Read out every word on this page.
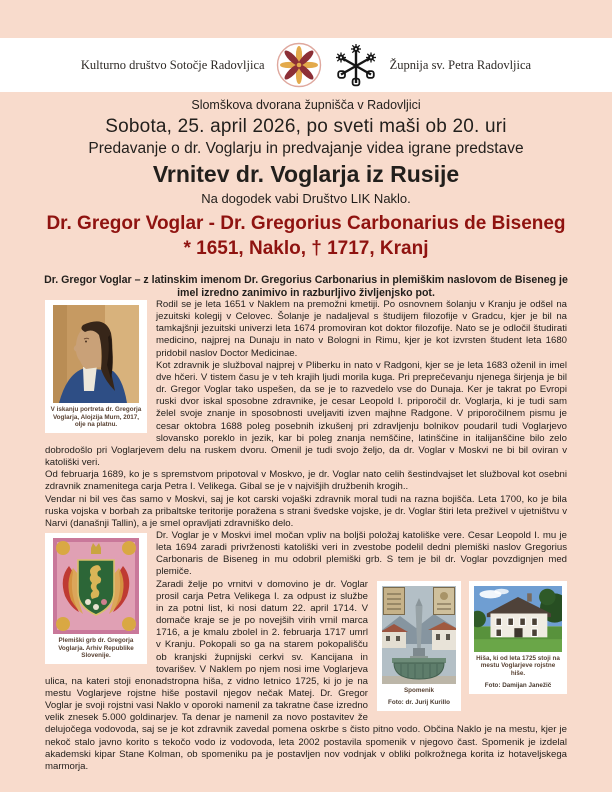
Kulturno društvo Sotočje Radovljica	Župnija sv. Petra Radovljica
Slomškova dvorana župnišča v Radovljici
Sobota, 25. april 2026, po sveti maši ob 20. uri
Predavanje o dr. Voglarju in predvajanje videa igrane predstave
Vrnitev dr. Voglarja iz Rusije
Na dogodek vabi Društvo LIK Naklo.
Dr. Gregor Voglar - Dr. Gregorius Carbonarius de Biseneg
* 1651, Naklo, † 1717, Kranj
Dr. Gregor Voglar – z latinskim imenom Dr. Gregorius Carbonarius in plemiškim naslovom de Biseneg je imel izredno zanimivo in razburljivo življenjsko pot.
V iskanju portreta dr. Gregorja Voglarja, Alojzija Murn, 2017, olje na platnu.

Rodil se je leta 1651 v Naklem na premožni kmetiji. Po osnovnem šolanju v Kranju je odšel na jezuitski kolegij v Celovec. Šolanje je nadaljeval s študijem filozofije v Gradcu, kjer je bil na tamkajšnji jezuitski univerzi leta 1674 promoviran kot doktor filozofije. Nato se je odločil študirati medicino, najprej na Dunaju in nato v Bologni in Rimu, kjer je kot izvrsten študent leta 1680 pridobil naslov Doctor Medicinae.

Kot zdravnik je služboval najprej v Pliberku in nato v Radgoni, kjer se je leta 1683 oženil in imel dve hčeri. V tistem času je v teh krajih ljudi morila kuga. Pri preprečevanju njenega širjenja je bil dr. Gregor Voglar tako uspešen, da se je to razvedelo vse do Dunaja. Ker je takrat po Evropi ruski dvor iskal sposobne zdravnike, je cesar Leopold I. priporočil dr. Voglarja, ki je tudi sam želel svoje znanje in sposobnosti uveljaviti izven majhne Radgone. V priporočilnem pismu je cesar oktobra 1688 poleg posebnih izkušenj pri zdravljenju bolnikov poudaril tudi Voglarjevo slovansko poreklo in jezik, kar bi poleg znanja nemščine, latinščine in italijanščine bilo zelo dobrodošlo pri Voglarjevem delu na ruskem dvoru. Omenil je tudi svojo željo, da dr. Voglar v Moskvi ne bi bil oviran v katoliški veri.

Od februarja 1689, ko je s spremstvom pripotoval v Moskvo, je dr. Voglar nato celih šestindvajset let služboval kot osebni zdravnik znamenitega carja Petra I. Velikega. Gibal se je v najvišjih družbenih krogih..

Vendar ni bil ves čas samo v Moskvi, saj je kot carski vojaški zdravnik moral tudi na razna bojišča. Leta 1700, ko je bila ruska vojska v borbah za pribaltske teritorije poražena s strani švedske vojske, je dr. Voglar štiri leta preživel v ujetništvu v Narvi (današnji Tallin), a je smel opravljati zdravniško delo.

Plemiški grb dr. Gregorja Voglarja. Arhiv Republike Slovenije.

Dr. Voglar je v Moskvi imel močan vpliv na boljši položaj katoliške vere. Cesar Leopold I. mu je leta 1694 zaradi privrženosti katoliški veri in zvestobe podelil dedni plemiški naslov Gregorius Carbonaris de Biseneg in mu odobril plemiški grb. S tem je bil dr. Voglar povzdignjen med plemiče.

Spomenik
Foto: dr. Jurij Kurillo
Hiša, ki od leta 1725 stoji na mestu Voglarjeve rojstne hiše.
Foto: Damijan Janežič

Zaradi želje po vrnitvi v domovino je dr. Voglar prosil carja Petra Velikega I. za odpust iz službe in za potni list, ki nosi datum 22. april 1714. V domače kraje se je po novejših virih vrnil marca 1716, a je kmalu zbolel in 2. februarja 1717 umrl v Kranju. Pokopali so ga na starem pokopališču ob kranjski župnijski cerkvi sv. Kancijana in tovarišev. V Naklem po njem nosi ime Voglarjeva ulica, na kateri stoji enonadstropna hiša, z vidno letnico 1725, ki jo je na mestu Voglarjeve rojstne hiše postavil njegov nečak Matej. Dr. Gregor Voglar je svoji rojstni vasi Naklo v oporoki namenil za takratne čase izredno velik znesek 5.000 goldinarjev. Ta denar je namenil za novo postavitev že delujočega vodovoda, saj se je kot zdravnik zavedal pomena oskrbe s čisto pitno vodo. Občina Naklo je na mestu, kjer je nekoč stalo javno korito s tekočo vodo iz vodovoda, leta 2002 postavila spomenik v njegovo čast. Spomenik je izdelal akademski kipar Stane Kolman, ob spomeniku pa je postavljen nov vodnjak v obliki polkrožnega korita iz hotaveljskega marmorja.
